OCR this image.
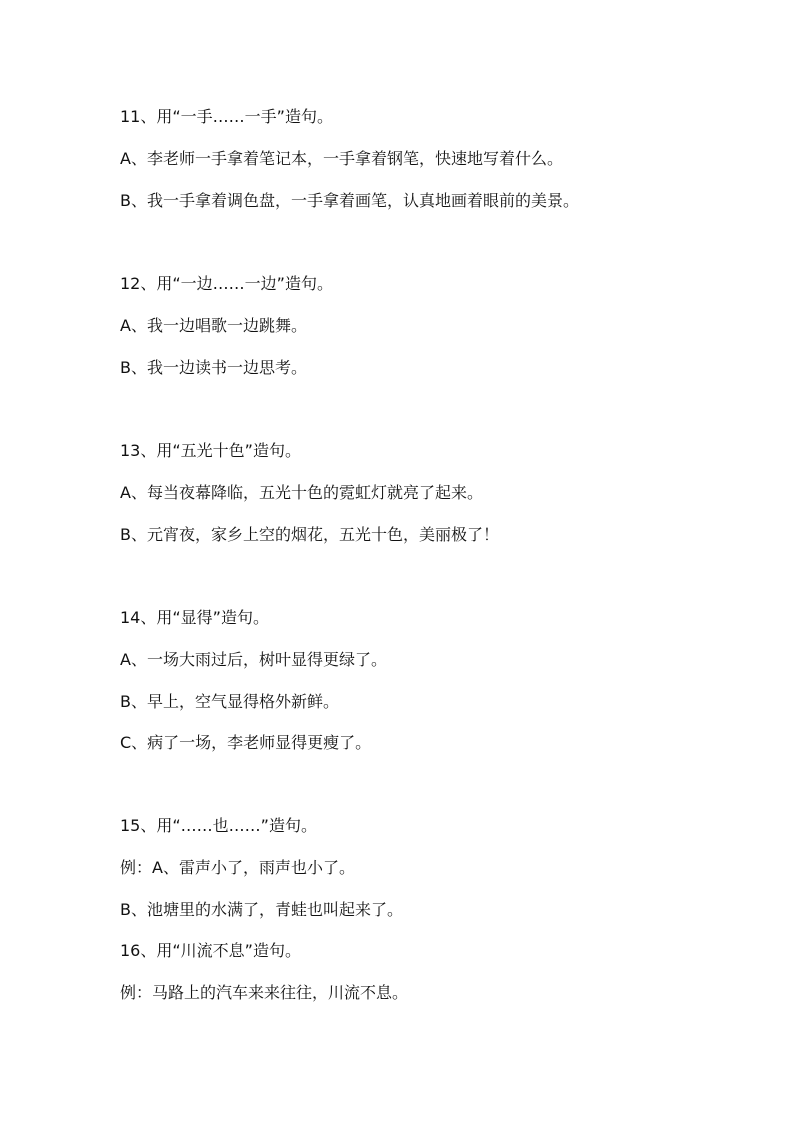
11、用“一手……一手”造句。
A、李老师一手拿着笔记本，一手拿着钢笔，快速地写着什么。
B、我一手拿着调色盘，一手拿着画笔，认真地画着眼前的美景。
12、用“一边……一边”造句。
A、我一边唱歌一边跳舞。
B、我一边读书一边思考。
13、用“五光十色”造句。
A、每当夜幕降临，五光十色的霓虹灯就亮了起来。
B、元宵夜，家乡上空的烟花，五光十色，美丽极了！
14、用“显得”造句。
A、一场大雨过后，树叶显得更绿了。
B、早上，空气显得格外新鲜。
C、病了一场，李老师显得更瘦了。
15、用“……也……”造句。
例：A、雷声小了，雨声也小了。
B、池塘里的水满了，青蛙也叫起来了。
16、用“川流不息”造句。
例：马路上的汽车来来往往，川流不息。
